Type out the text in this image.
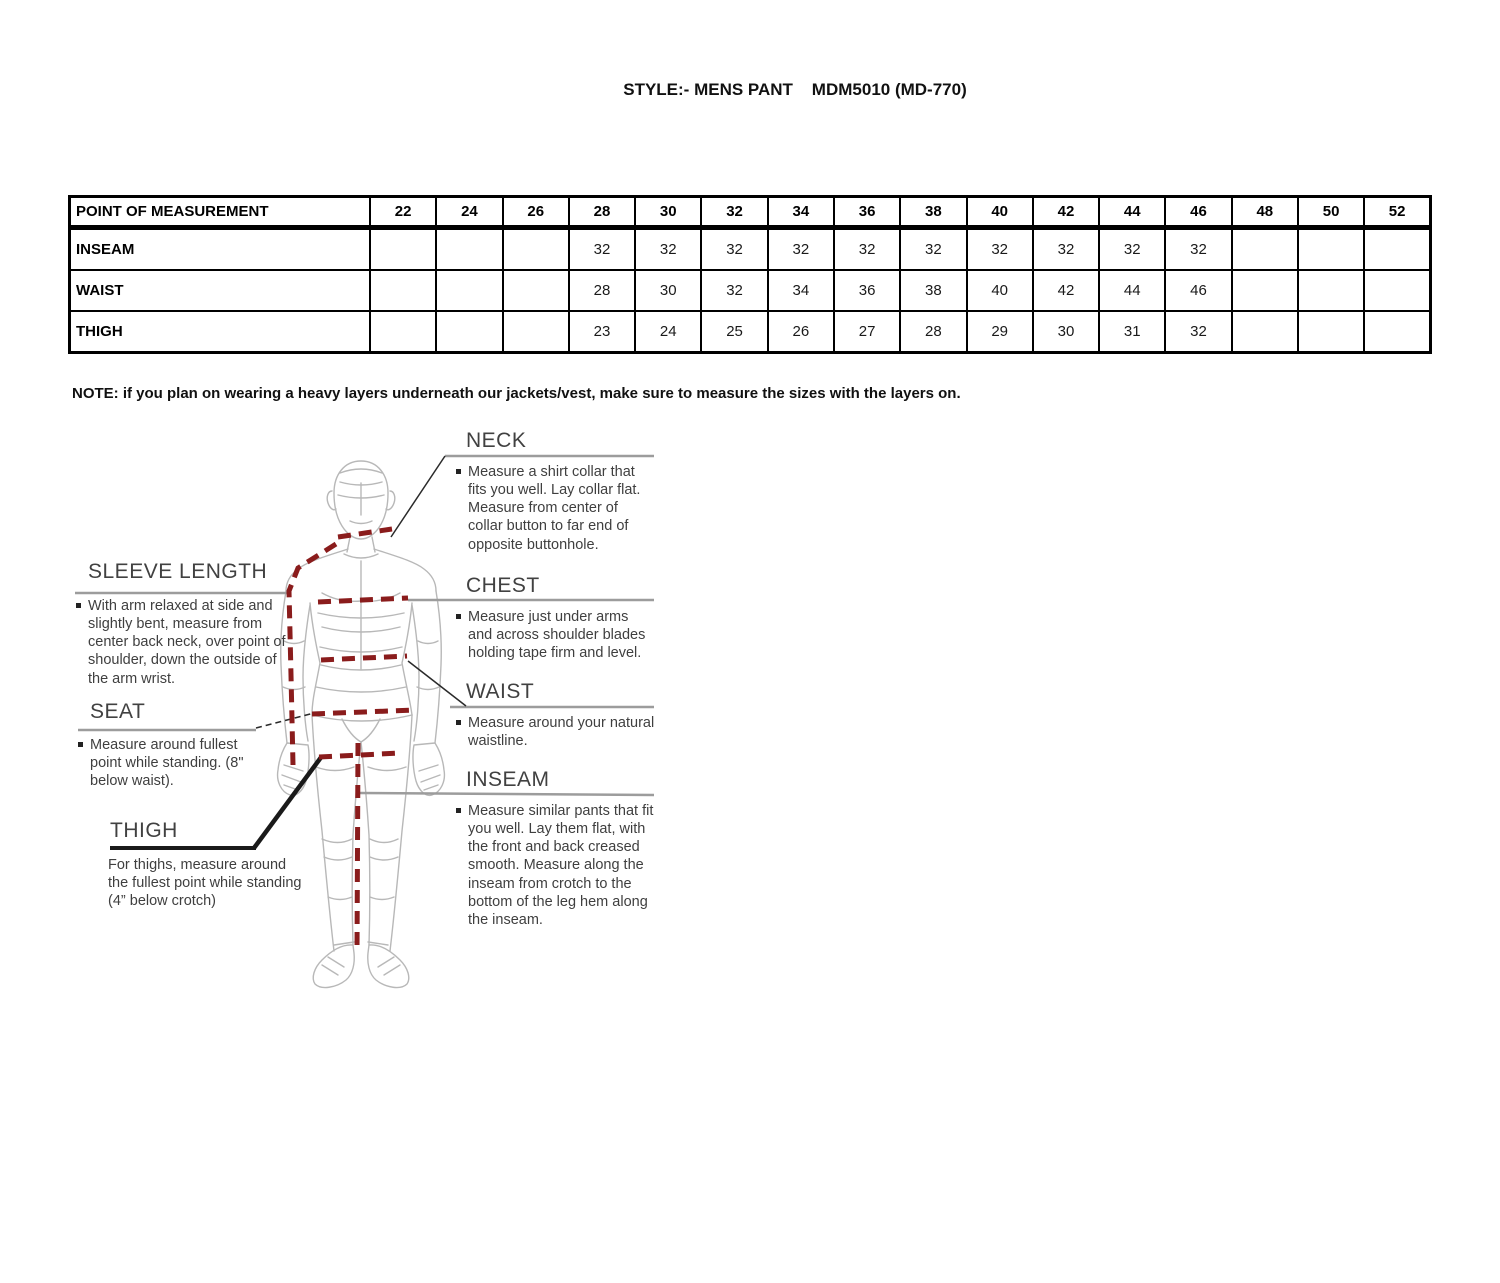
STYLE:- MENS PANT    MDM5010 (MD-770)
POINT OF MEASUREMENT	22	24	26	28	30	32	34	36	38	40	42	44	46	48	50	52
INSEAM				32	32	32	32	32	32	32	32	32	32			
WAIST				28	30	32	34	36	38	40	42	44	46			
THIGH				23	24	25	26	27	28	29	30	31	32			
NOTE: if you plan on wearing a heavy layers underneath our jackets/vest, make sure to measure the sizes with the layers on.
NECK
Measure a shirt collar that fits you well. Lay collar flat. Measure from center of collar button to far end of opposite buttonhole.
CHEST
Measure just under arms and across shoulder blades holding tape firm and level.
WAIST
Measure around your natural waistline.
INSEAM
Measure similar pants that fit you well. Lay them flat, with the front and back creased smooth. Measure along the inseam from crotch to the bottom of the leg hem along the inseam.
SLEEVE LENGTH
With arm relaxed at side and slightly bent, measure from center back neck, over point of shoulder, down the outside of the arm wrist.
SEAT
Measure around fullest point while standing. (8" below waist).
THIGH
For thighs, measure around the fullest point while standing (4” below crotch)
